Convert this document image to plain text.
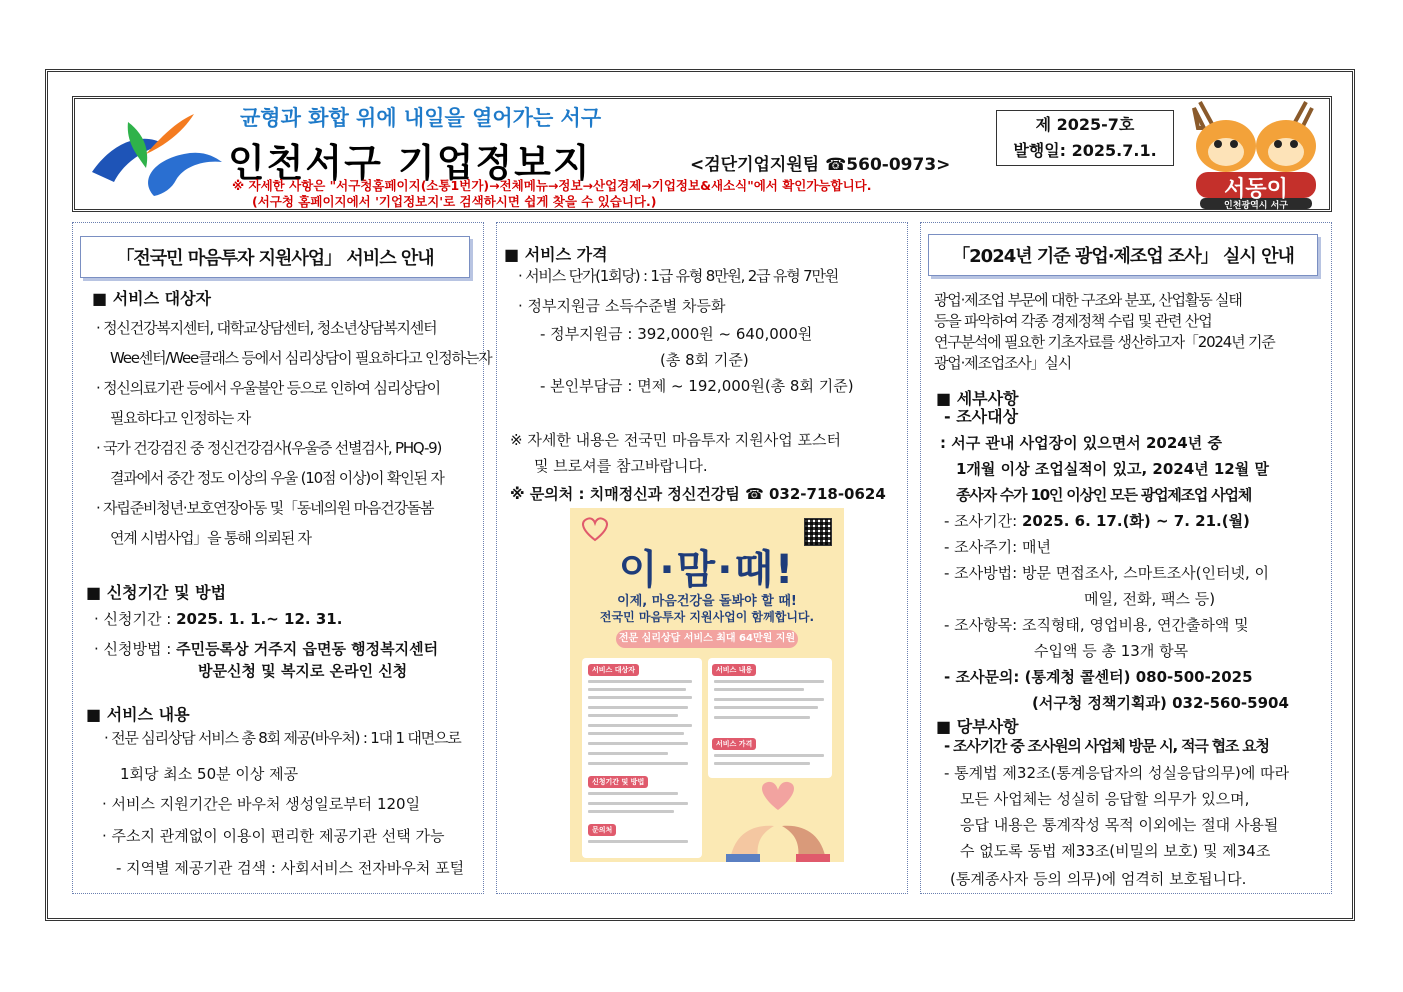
균형과 화합 위에 내일을 열어가는 서구
인천서구 기업정보지	<검단기업지원팀 ☎560-0973>
※ 자세한 사항은 "서구청홈페이지(소통1번가)→전체메뉴→정보→산업경제→기업정보&새소식"에서 확인가능합니다.
(서구청 홈페이지에서 '기업정보지'로 검색하시면 쉽게 찾을 수 있습니다.)
제 2025-7호
발행일: 2025.7.1.
서동이
인천광역시 서구
「전국민 마음투자 지원사업」 서비스 안내
■ 서비스 대상자
· 정신건강복지센터, 대학교상담센터, 청소년상담복지센터
Wee센터/Wee클래스 등에서 심리상담이 필요하다고 인정하는자
· 정신의료기관 등에서 우울불안 등으로 인하여 심리상담이
필요하다고 인정하는 자
· 국가 건강검진 중 정신건강검사(우울증 선별검사, PHQ-9)
결과에서 중간 정도 이상의 우울 (10점 이상)이 확인된 자
· 자립준비청년·보호연장아동 및「동네의원 마음건강돌봄
연계 시범사업」을 통해 의뢰된 자
■ 신청기간 및 방법
· 신청기간 : 2025. 1. 1.~ 12. 31.
· 신청방법 : 주민등록상 거주지 읍면동 행정복지센터
방문신청 및 복지로 온라인 신청
■ 서비스 내용
· 전문 심리상담 서비스 총 8회 제공(바우처) : 1대 1 대면으로
1회당 최소 50분 이상 제공
· 서비스 지원기간은 바우처 생성일로부터 120일
· 주소지 관계없이 이용이 편리한 제공기관 선택 가능
- 지역별 제공기관 검색 : 사회서비스 전자바우처 포털
■ 서비스 가격
· 서비스 단가(1회당) : 1급 유형 8만원, 2급 유형 7만원
· 정부지원금 소득수준별 차등화
- 정부지원금 : 392,000원 ~ 640,000원
(총 8회 기준)
- 본인부담금 : 면제 ~ 192,000원(총 8회 기준)
※ 자세한 내용은 전국민 마음투자 지원사업 포스터
및 브로셔를 참고바랍니다.
※ 문의처 : 치매정신과 정신건강팀 ☎ 032-718-0624
이·맘·때!
이제, 마음건강을 돌봐야 할 때!
전국민 마음투자 지원사업이 함께합니다.
전문 심리상담 서비스 최대 64만원 지원
서비스 대상자	서비스 내용
서비스 가격
신청기간 및 방법
문의처
「2024년 기준 광업·제조업 조사」 실시 안내
광업·제조업 부문에 대한 구조와 분포, 산업활동 실태
등을 파악하여 각종 경제정책 수립 및 관련 산업
연구분석에 필요한 기초자료를 생산하고자「2024년 기준
광업·제조업조사」실시
■ 세부사항
- 조사대상
: 서구 관내 사업장이 있으면서 2024년 중
1개월 이상 조업실적이 있고, 2024년 12월 말
종사자 수가 10인 이상인 모든 광업제조업 사업체
- 조사기간: 2025. 6. 17.(화) ~ 7. 21.(월)
- 조사주기: 매년
- 조사방법: 방문 면접조사, 스마트조사(인터넷, 이
메일, 전화, 팩스 등)
- 조사항목: 조직형태, 영업비용, 연간출하액 및
수입액 등 총 13개 항목
- 조사문의: (통계청 콜센터) 080-500-2025
(서구청 정책기획과) 032-560-5904
■ 당부사항
- 조사기간 중 조사원의 사업체 방문 시, 적극 협조 요청
- 통계법 제32조(통계응답자의 성실응답의무)에 따라
모든 사업체는 성실히 응답할 의무가 있으며,
응답 내용은 통계작성 목적 이외에는 절대 사용될
수 없도록 동법 제33조(비밀의 보호) 및 제34조
(통계종사자 등의 의무)에 엄격히 보호됩니다.
